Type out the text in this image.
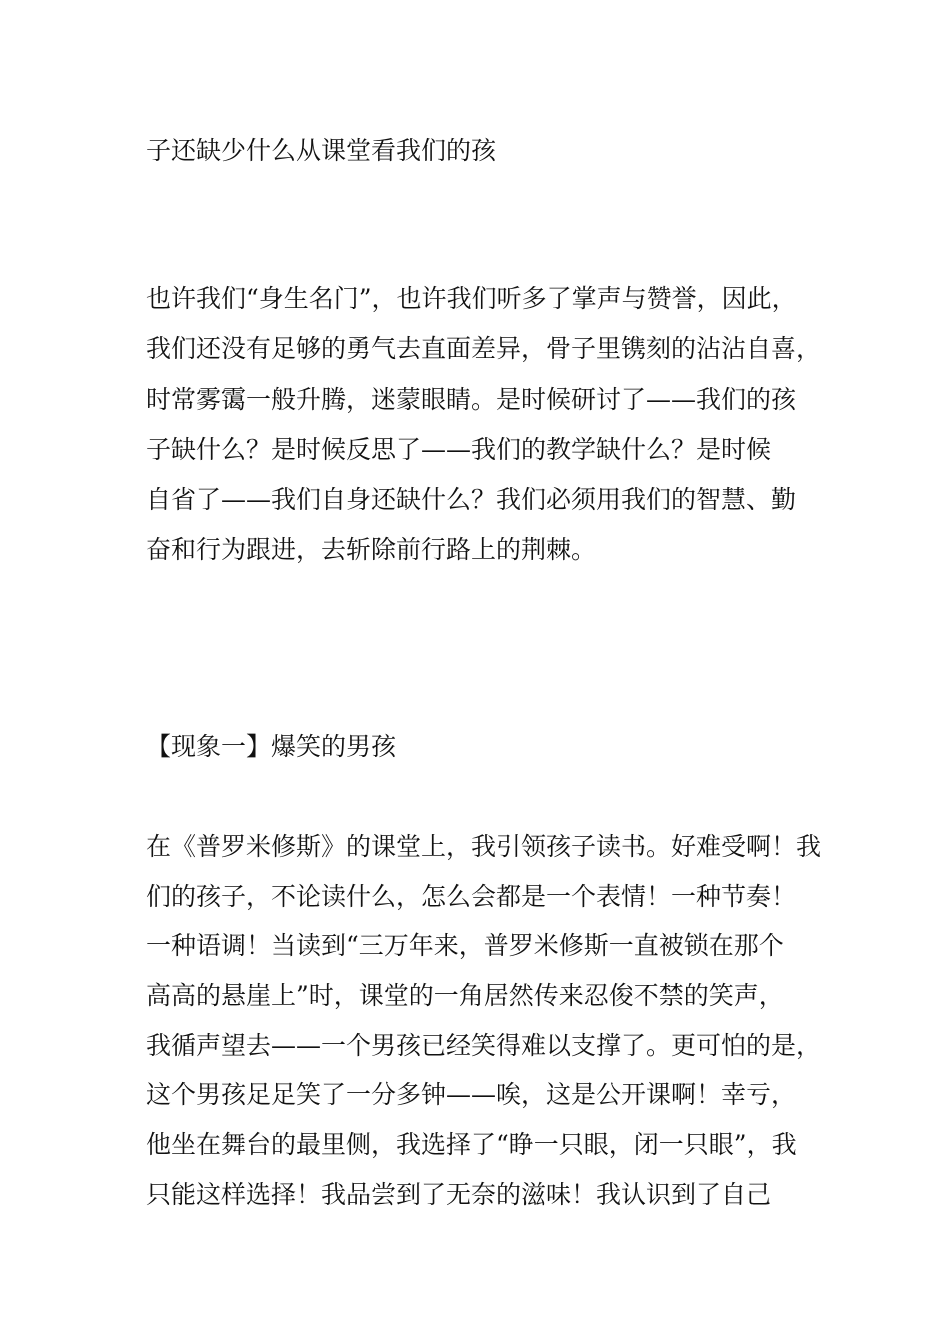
子还缺少什么从课堂看我们的孩
也许我们“身生名门”，也许我们听多了掌声与赞誉，因此，
我们还没有足够的勇气去直面差异，骨子里镌刻的沾沾自喜，
时常雾霭一般升腾，迷蒙眼睛。是时候研讨了——我们的孩
子缺什么？是时候反思了——我们的教学缺什么？是时候
自省了——我们自身还缺什么？我们必须用我们的智慧、勤
奋和行为跟进，去斩除前行路上的荆棘。
【现象一】爆笑的男孩
在《普罗米修斯》的课堂上，我引领孩子读书。好难受啊！我
们的孩子，不论读什么，怎么会都是一个表情！一种节奏！
一种语调！当读到“三万年来，普罗米修斯一直被锁在那个
高高的悬崖上”时，课堂的一角居然传来忍俊不禁的笑声，
我循声望去——一个男孩已经笑得难以支撑了。更可怕的是，
这个男孩足足笑了一分多钟——唉，这是公开课啊！幸亏，
他坐在舞台的最里侧，我选择了“睁一只眼，闭一只眼”，我
只能这样选择！我品尝到了无奈的滋味！我认识到了自己
